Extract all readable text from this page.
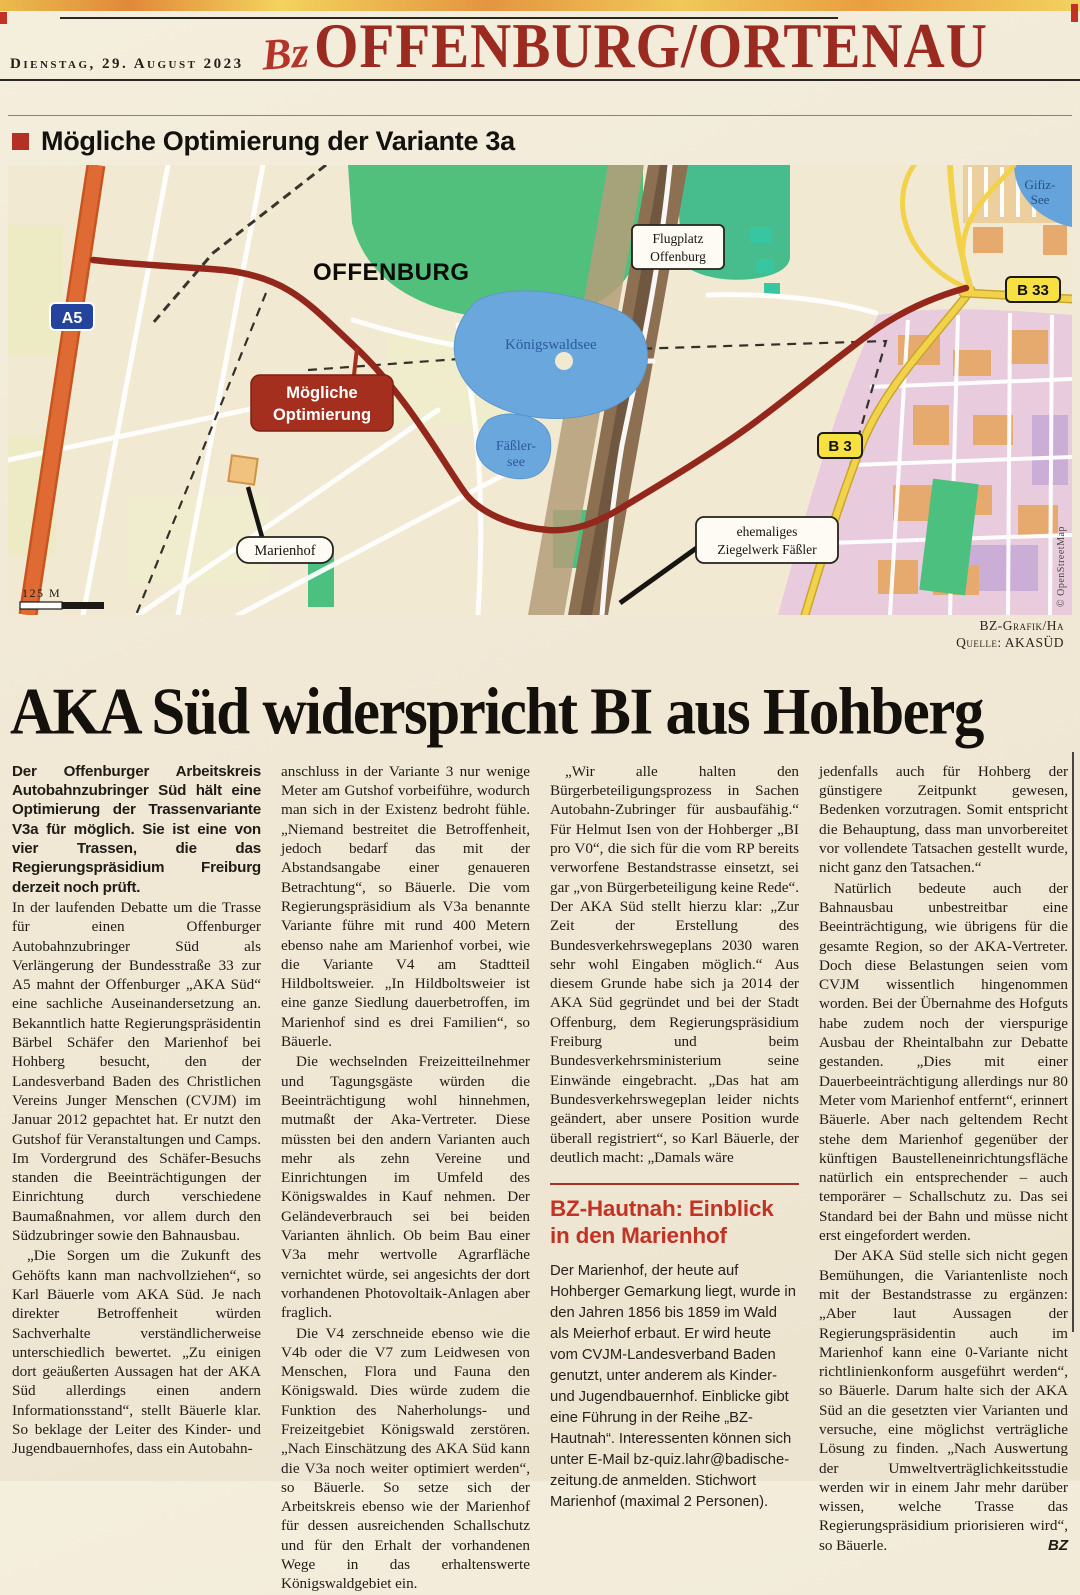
Dienstag, 29. August 2023 Bz OFFENBURG/ORTENAU
Mögliche Optimierung der Variante 3a
Mögliche
Optimierung
Marienhof
Flugplatz
Offenburg
ehemaliges
Ziegelwerk Fäßler
A5
B 33
B 3
OFFENBURG
Königswaldsee
Fäßler-
see
Gifiz-
See
125 M	© OpenStreetMap
BZ-Grafik/Ha
Quelle: AKASÜD
AKA Süd widerspricht BI aus Hohberg

Der Offenburger Arbeitskreis Autobahnzubringer Süd hält eine Optimierung der Trassenvariante V3a für möglich. Sie ist eine von vier Trassen, die das Regierungspräsidium Freiburg derzeit noch prüft.

In der laufenden Debatte um die Trasse für einen Offenburger Autobahnzubringer Süd als Verlängerung der Bundesstraße 33 zur A5 mahnt der Offenburger „AKA Süd“ eine sachliche Auseinandersetzung an. Bekanntlich hatte Regierungspräsidentin Bärbel Schäfer den Marienhof bei Hohberg besucht, den der Landesverband Baden des Christlichen Vereins Junger Menschen (CVJM) im Januar 2012 gepachtet hat. Er nutzt den Gutshof für Veranstaltungen und Camps. Im Vordergrund des Schäfer-Besuchs standen die Beeinträchtigungen der Einrichtung durch verschiedene Baumaßnahmen, vor allem durch den Südzubringer sowie den Bahnausbau.

„Die Sorgen um die Zukunft des Gehöfts kann man nachvollziehen“, so Karl Bäuerle vom AKA Süd. Je nach direkter Betroffenheit würden Sachverhalte verständlicherweise unterschiedlich bewertet. „Zu einigen dort geäußerten Aussagen hat der AKA Süd allerdings einen andern Informationsstand“, stellt Bäuerle klar. So beklage der Leiter des Kinder- und Jugendbauernhofes, dass ein Autobahn-

anschluss in der Variante 3 nur wenige Meter am Gutshof vorbeiführe, wodurch man sich in der Existenz bedroht fühle. „Niemand bestreitet die Betroffenheit, jedoch bedarf das mit der Abstandsangabe einer genaueren Betrachtung“, so Bäuerle. Die vom Regierungspräsidium als V3a benannte Variante führe mit rund 400 Metern ebenso nahe am Marienhof vorbei, wie die Variante V4 am Stadtteil Hildboltsweier. „In Hildboltsweier ist eine ganze Siedlung dauerbetroffen, im Marienhof sind es drei Familien“, so Bäuerle.

Die wechselnden Freizeitteilnehmer und Tagungsgäste würden die Beeinträchtigung wohl hinnehmen, mutmaßt der Aka-Vertreter. Diese müssten bei den andern Varianten auch mehr als zehn Vereine und Einrichtungen im Umfeld des Königswaldes in Kauf nehmen. Der Geländeverbrauch sei bei beiden Varianten ähnlich. Ob beim Bau einer V3a mehr wertvolle Agrarfläche vernichtet würde, sei angesichts der dort vorhandenen Photovoltaik-Anlagen aber fraglich.

Die V4 zerschneide ebenso wie die V4b oder die V7 zum Leidwesen von Menschen, Flora und Fauna den Königswald. Dies würde zudem die Funktion des Naherholungs- und Freizeitgebiet Königswald zerstören. „Nach Einschätzung des AKA Süd kann die V3a noch weiter optimiert werden“, so Bäuerle. So setze sich der Arbeitskreis ebenso wie der Marienhof für dessen ausreichenden Schallschutz und für den Erhalt der vorhandenen Wege in das erhaltenswerte Königswaldgebiet ein.

„Wir alle halten den Bürgerbeteiligungsprozess in Sachen Autobahn-Zubringer für ausbaufähig.“ Für Helmut Isen von der Hohberger „BI pro V0“, die sich für die vom RP bereits verworfene Bestandstrasse einsetzt, sei gar „von Bürgerbeteiligung keine Rede“. Der AKA Süd stellt hierzu klar: „Zur Zeit der Erstellung des Bundesverkehrswegeplans 2030 waren sehr wohl Eingaben möglich.“ Aus diesem Grunde habe sich ja 2014 der AKA Süd gegründet und bei der Stadt Offenburg, dem Regierungspräsidium Freiburg und beim Bundesverkehrsministerium seine Einwände eingebracht. „Das hat am Bundesverkehrswegeplan leider nichts geändert, aber unsere Position wurde überall registriert“, so Karl Bäuerle, der deutlich macht: „Damals wäre

BZ-Hautnah: Einblick
in den Marienhof

Der Marienhof, der heute auf Hohberger Gemarkung liegt, wurde in den Jahren 1856 bis 1859 im Wald als Meierhof erbaut. Er wird heute vom CVJM-Landesverband Baden genutzt, unter anderem als Kinder- und Jugendbauernhof. Einblicke gibt eine Führung in der Reihe „BZ-Hautnah“. Interessenten können sich unter E-Mail bz-quiz.lahr@badische-zeitung.de anmelden. Stichwort Marienhof (maximal 2 Personen).

jedenfalls auch für Hohberg der günstigere Zeitpunkt gewesen, Bedenken vorzutragen. Somit entspricht die Behauptung, dass man unvorbereitet vor vollendete Tatsachen gestellt wurde, nicht ganz den Tatsachen.“

Natürlich bedeute auch der Bahnausbau unbestreitbar eine Beeinträchtigung, wie übrigens für die gesamte Region, so der AKA-Vertreter. Doch diese Belastungen seien vom CVJM wissentlich hingenommen worden. Bei der Übernahme des Hofguts habe zudem noch der vierspurige Ausbau der Rheintalbahn zur Debatte gestanden. „Dies mit einer Dauerbeeinträchtigung allerdings nur 80 Meter vom Marienhof entfernt“, erinnert Bäuerle. Aber nach geltendem Recht stehe dem Marienhof gegenüber der künftigen Baustelleneinrichtungsfläche natürlich ein entsprechender – auch temporärer – Schallschutz zu. Das sei Standard bei der Bahn und müsse nicht erst eingefordert werden.

Der AKA Süd stelle sich nicht gegen Bemühungen, die Variantenliste noch mit der Bestandstrasse zu ergänzen: „Aber laut Aussagen der Regierungspräsidentin auch im Marienhof kann eine 0-Variante nicht richtlinienkonform ausgeführt werden“, so Bäuerle. Darum halte sich der AKA Süd an die gesetzten vier Varianten und versuche, eine möglichst verträgliche Lösung zu finden. „Nach Auswertung der Umweltverträglichkeitsstudie werden wir in einem Jahr mehr darüber wissen, welche Trasse das Regierungspräsidium priorisieren wird“, so Bäuerle.	BZ
